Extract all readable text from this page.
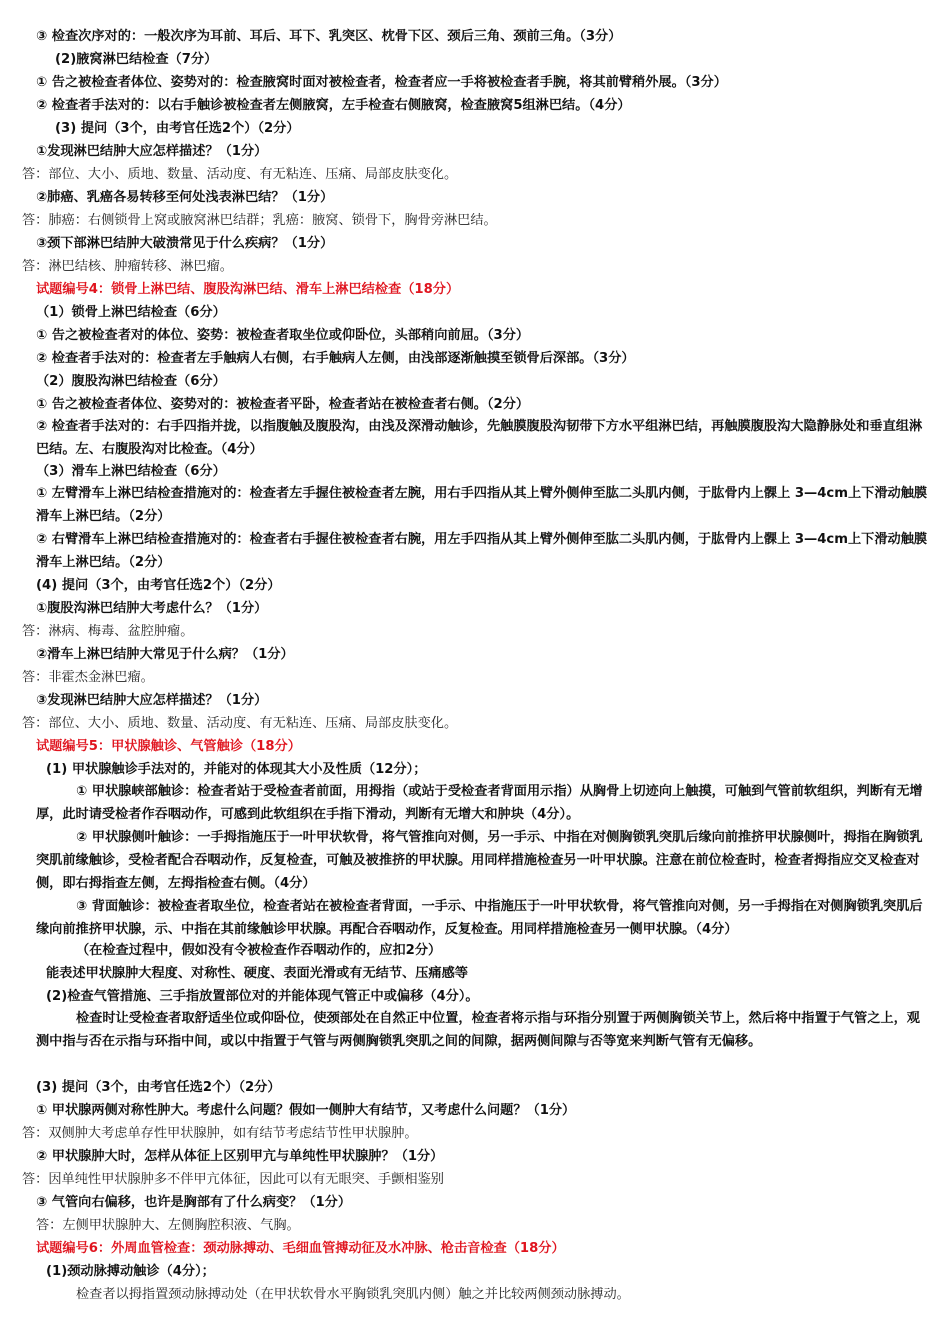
③ 检查次序对的：一般次序为耳前、耳后、耳下、乳突区、枕骨下区、颈后三角、颈前三角。（3分）
(2)腋窝淋巴结检查（7分）
① 告之被检查者体位、姿势对的：检查腋窝时面对被检查者，检查者应一手将被检查者手腕，将其前臂稍外展。（3分）
② 检查者手法对的：以右手触诊被检查者左侧腋窝，左手检查右侧腋窝，检查腋窝5组淋巴结。（4分）
(3) 提问（3个，由考官任选2个）（2分）
①发现淋巴结肿大应怎样描述？（1分）
答：部位、大小、质地、数量、活动度、有无粘连、压痛、局部皮肤变化。
②肺癌、乳癌各易转移至何处浅表淋巴结？（1分）
答：肺癌：右侧锁骨上窝或腋窝淋巴结群；乳癌：腋窝、锁骨下，胸骨旁淋巴结。
③颈下部淋巴结肿大破溃常见于什么疾病？（1分）
答：淋巴结核、肿瘤转移、淋巴瘤。
试题编号4：锁骨上淋巴结、腹股沟淋巴结、滑车上淋巴结检查（18分）
（1）锁骨上淋巴结检查（6分）
① 告之被检查者对的体位、姿势：被检查者取坐位或仰卧位，头部稍向前屈。（3分）
② 检查者手法对的：检查者左手触病人右侧，右手触病人左侧，由浅部逐渐触摸至锁骨后深部。（3分）
（2）腹股沟淋巴结检查（6分）
① 告之被检查者体位、姿势对的：被检查者平卧，检查者站在被检查者右侧。（2分）
② 检查者手法对的：右手四指并拢，以指腹触及腹股沟，由浅及深滑动触诊，先触膜腹股沟韧带下方水平组淋巴结，再触膜腹股沟大隐静脉处和垂直组淋巴结。左、右腹股沟对比检查。（4分）
（3）滑车上淋巴结检查（6分）
① 左臂滑车上淋巴结检查措施对的：检查者左手握住被检查者左腕，用右手四指从其上臂外侧伸至肱二头肌内侧，于肱骨内上髁上 3—4cm上下滑动触膜滑车上淋巴结。（2分）
② 右臂滑车上淋巴结检查措施对的：检查者右手握住被检查者右腕，用左手四指从其上臂外侧伸至肱二头肌内侧，于肱骨内上髁上 3—4cm上下滑动触膜滑车上淋巴结。（2分）
(4) 提问（3个，由考官任选2个）（2分）
①腹股沟淋巴结肿大考虑什么？（1分）
答：淋病、梅毒、盆腔肿瘤。
②滑车上淋巴结肿大常见于什么病？（1分）
答：非霍杰金淋巴瘤。
③发现淋巴结肿大应怎样描述？（1分）
答：部位、大小、质地、数量、活动度、有无粘连、压痛、局部皮肤变化。
试题编号5：甲状腺触诊、气管触诊（18分）
(1) 甲状腺触诊手法对的，并能对的体现其大小及性质（12分）；
① 甲状腺峡部触诊：检查者站于受检查者前面，用拇指（或站于受检查者背面用示指）从胸骨上切迹向上触摸，可触到气管前软组织，判断有无增厚，此时请受检者作吞咽动作，可感到此软组织在手指下滑动，判断有无增大和肿块（4分）。
② 甲状腺侧叶触诊：一手拇指施压于一叶甲状软骨，将气管推向对侧，另一手示、中指在对侧胸锁乳突肌后缘向前推挤甲状腺侧叶，拇指在胸锁乳突肌前缘触诊，受检者配合吞咽动作，反复检查，可触及被推挤的甲状腺。用同样措施检查另一叶甲状腺。注意在前位检查时，检查者拇指应交叉检查对侧，即右拇指查左侧，左拇指检查右侧。（4分）
③ 背面触诊：被检查者取坐位，检查者站在被检查者背面，一手示、中指施压于一叶甲状软骨，将气管推向对侧，另一手拇指在对侧胸锁乳突肌后缘向前推挤甲状腺，示、中指在其前缘触诊甲状腺。再配合吞咽动作，反复检查。用同样措施检查另一侧甲状腺。（4分）
（在检查过程中，假如没有令被检查作吞咽动作的，应扣2分）
能表述甲状腺肿大程度、对称性、硬度、表面光滑或有无结节、压痛感等
(2)检查气管措施、三手指放置部位对的并能体现气管正中或偏移（4分）。
检查时让受检查者取舒适坐位或仰卧位，使颈部处在自然正中位置，检查者将示指与环指分别置于两侧胸锁关节上，然后将中指置于气管之上，观测中指与否在示指与环指中间，或以中指置于气管与两侧胸锁乳突肌之间的间隙，据两侧间隙与否等宽来判断气管有无偏移。
(3) 提问（3个，由考官任选2个）（2分）
① 甲状腺两侧对称性肿大。考虑什么问题？假如一侧肿大有结节，又考虑什么问题？（1分）
答：双侧肿大考虑单存性甲状腺肿，如有结节考虑结节性甲状腺肿。
② 甲状腺肿大时，怎样从体征上区别甲亢与单纯性甲状腺肿？（1分）
答：因单纯性甲状腺肿多不伴甲亢体征，因此可以有无眼突、手颤相鉴别
③ 气管向右偏移，也许是胸部有了什么病变？（1分）
答：左侧甲状腺肿大、左侧胸腔积液、气胸。
试题编号6：外周血管检查：颈动脉搏动、毛细血管搏动征及水冲脉、枪击音检查（18分）
(1)颈动脉搏动触诊（4分）；
检查者以拇指置颈动脉搏动处（在甲状软骨水平胸锁乳突肌内侧）触之并比较两侧颈动脉搏动。
